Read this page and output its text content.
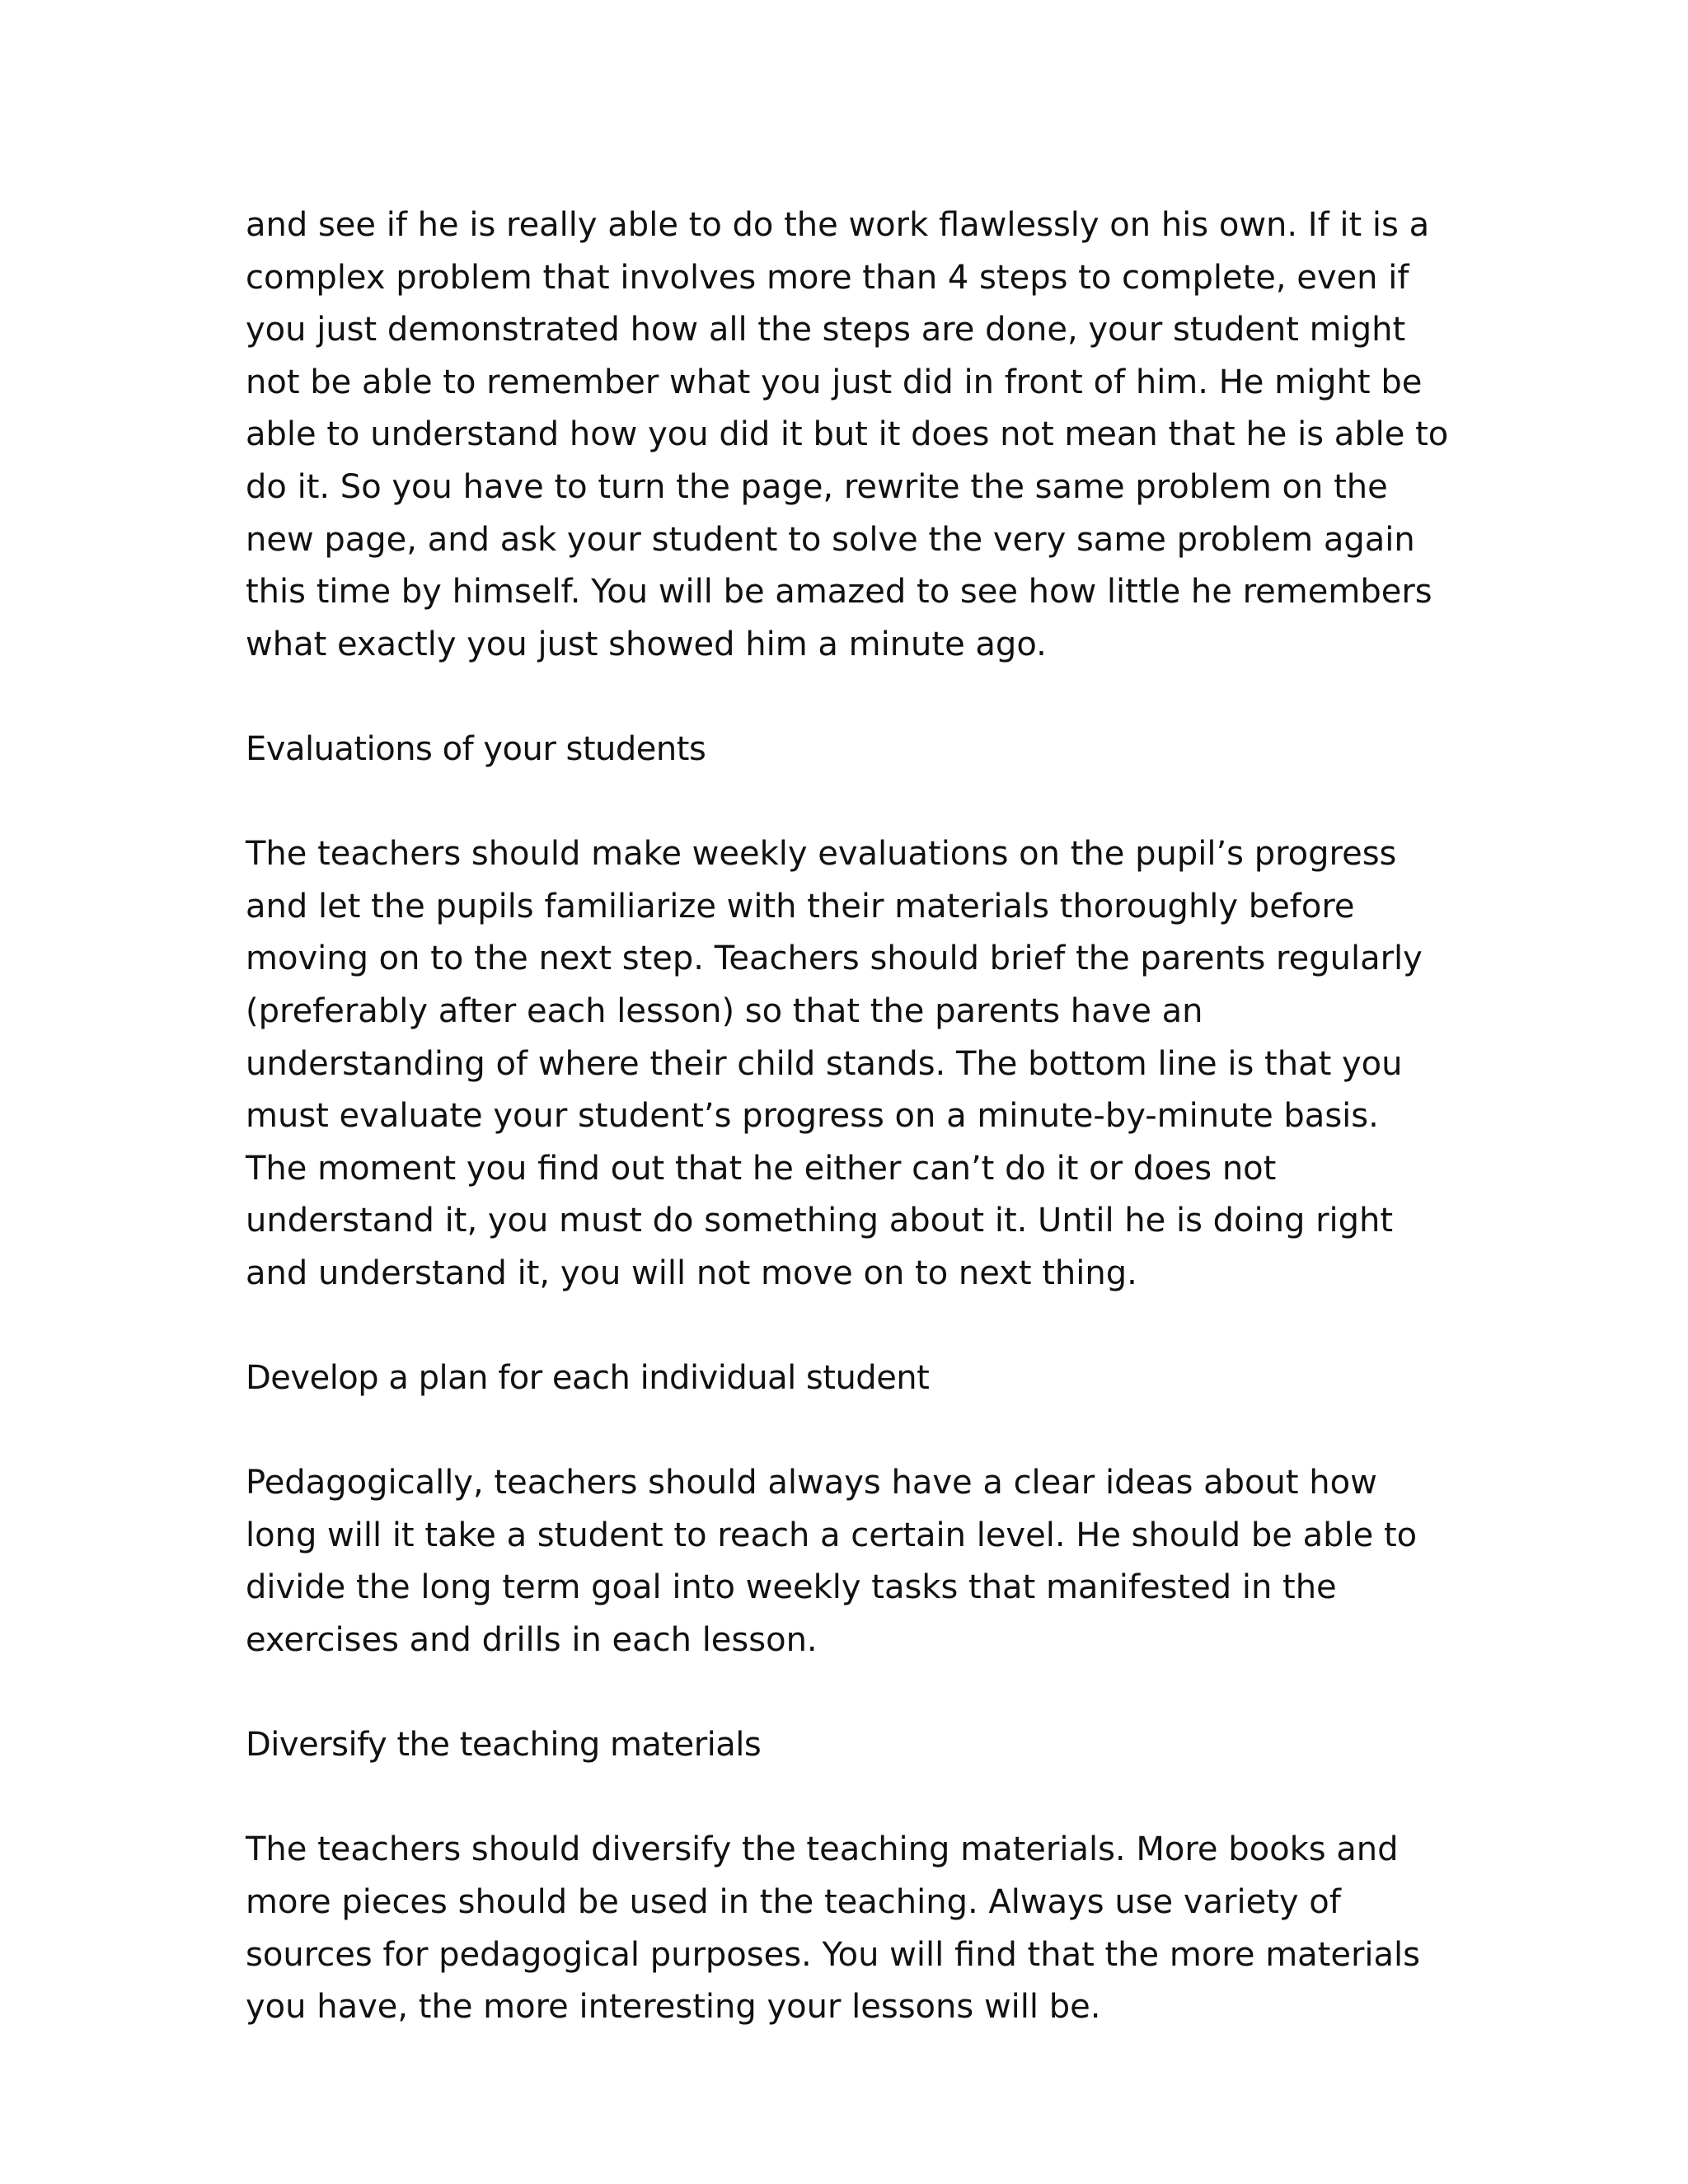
and see if he is really able to do the work flawlessly on his own. If it is a complex problem that involves more than 4 steps to complete, even if you just demonstrated how all the steps are done, your student might not be able to remember what you just did in front of him. He might be able to understand how you did it but it does not mean that he is able to do it. So you have to turn the page, rewrite the same problem on the new page, and ask your student to solve the very same problem again this time by himself. You will be amazed to see how little he remembers what exactly you just showed him a minute ago.

Evaluations of your students

The teachers should make weekly evaluations on the pupil’s progress and let the pupils familiarize with their materials thoroughly before moving on to the next step. Teachers should brief the parents regularly (preferably after each lesson) so that the parents have an understanding of where their child stands. The bottom line is that you must evaluate your student’s progress on a minute-by-minute basis. The moment you find out that he either can’t do it or does not understand it, you must do something about it. Until he is doing right and understand it, you will not move on to next thing.

Develop a plan for each individual student

Pedagogically, teachers should always have a clear ideas about how long will it take a student to reach a certain level. He should be able to divide the long term goal into weekly tasks that manifested in the exercises and drills in each lesson.

Diversify the teaching materials

The teachers should diversify the teaching materials. More books and more pieces should be used in the teaching. Always use variety of sources for pedagogical purposes. You will find that the more materials you have, the more interesting your lessons will be.
